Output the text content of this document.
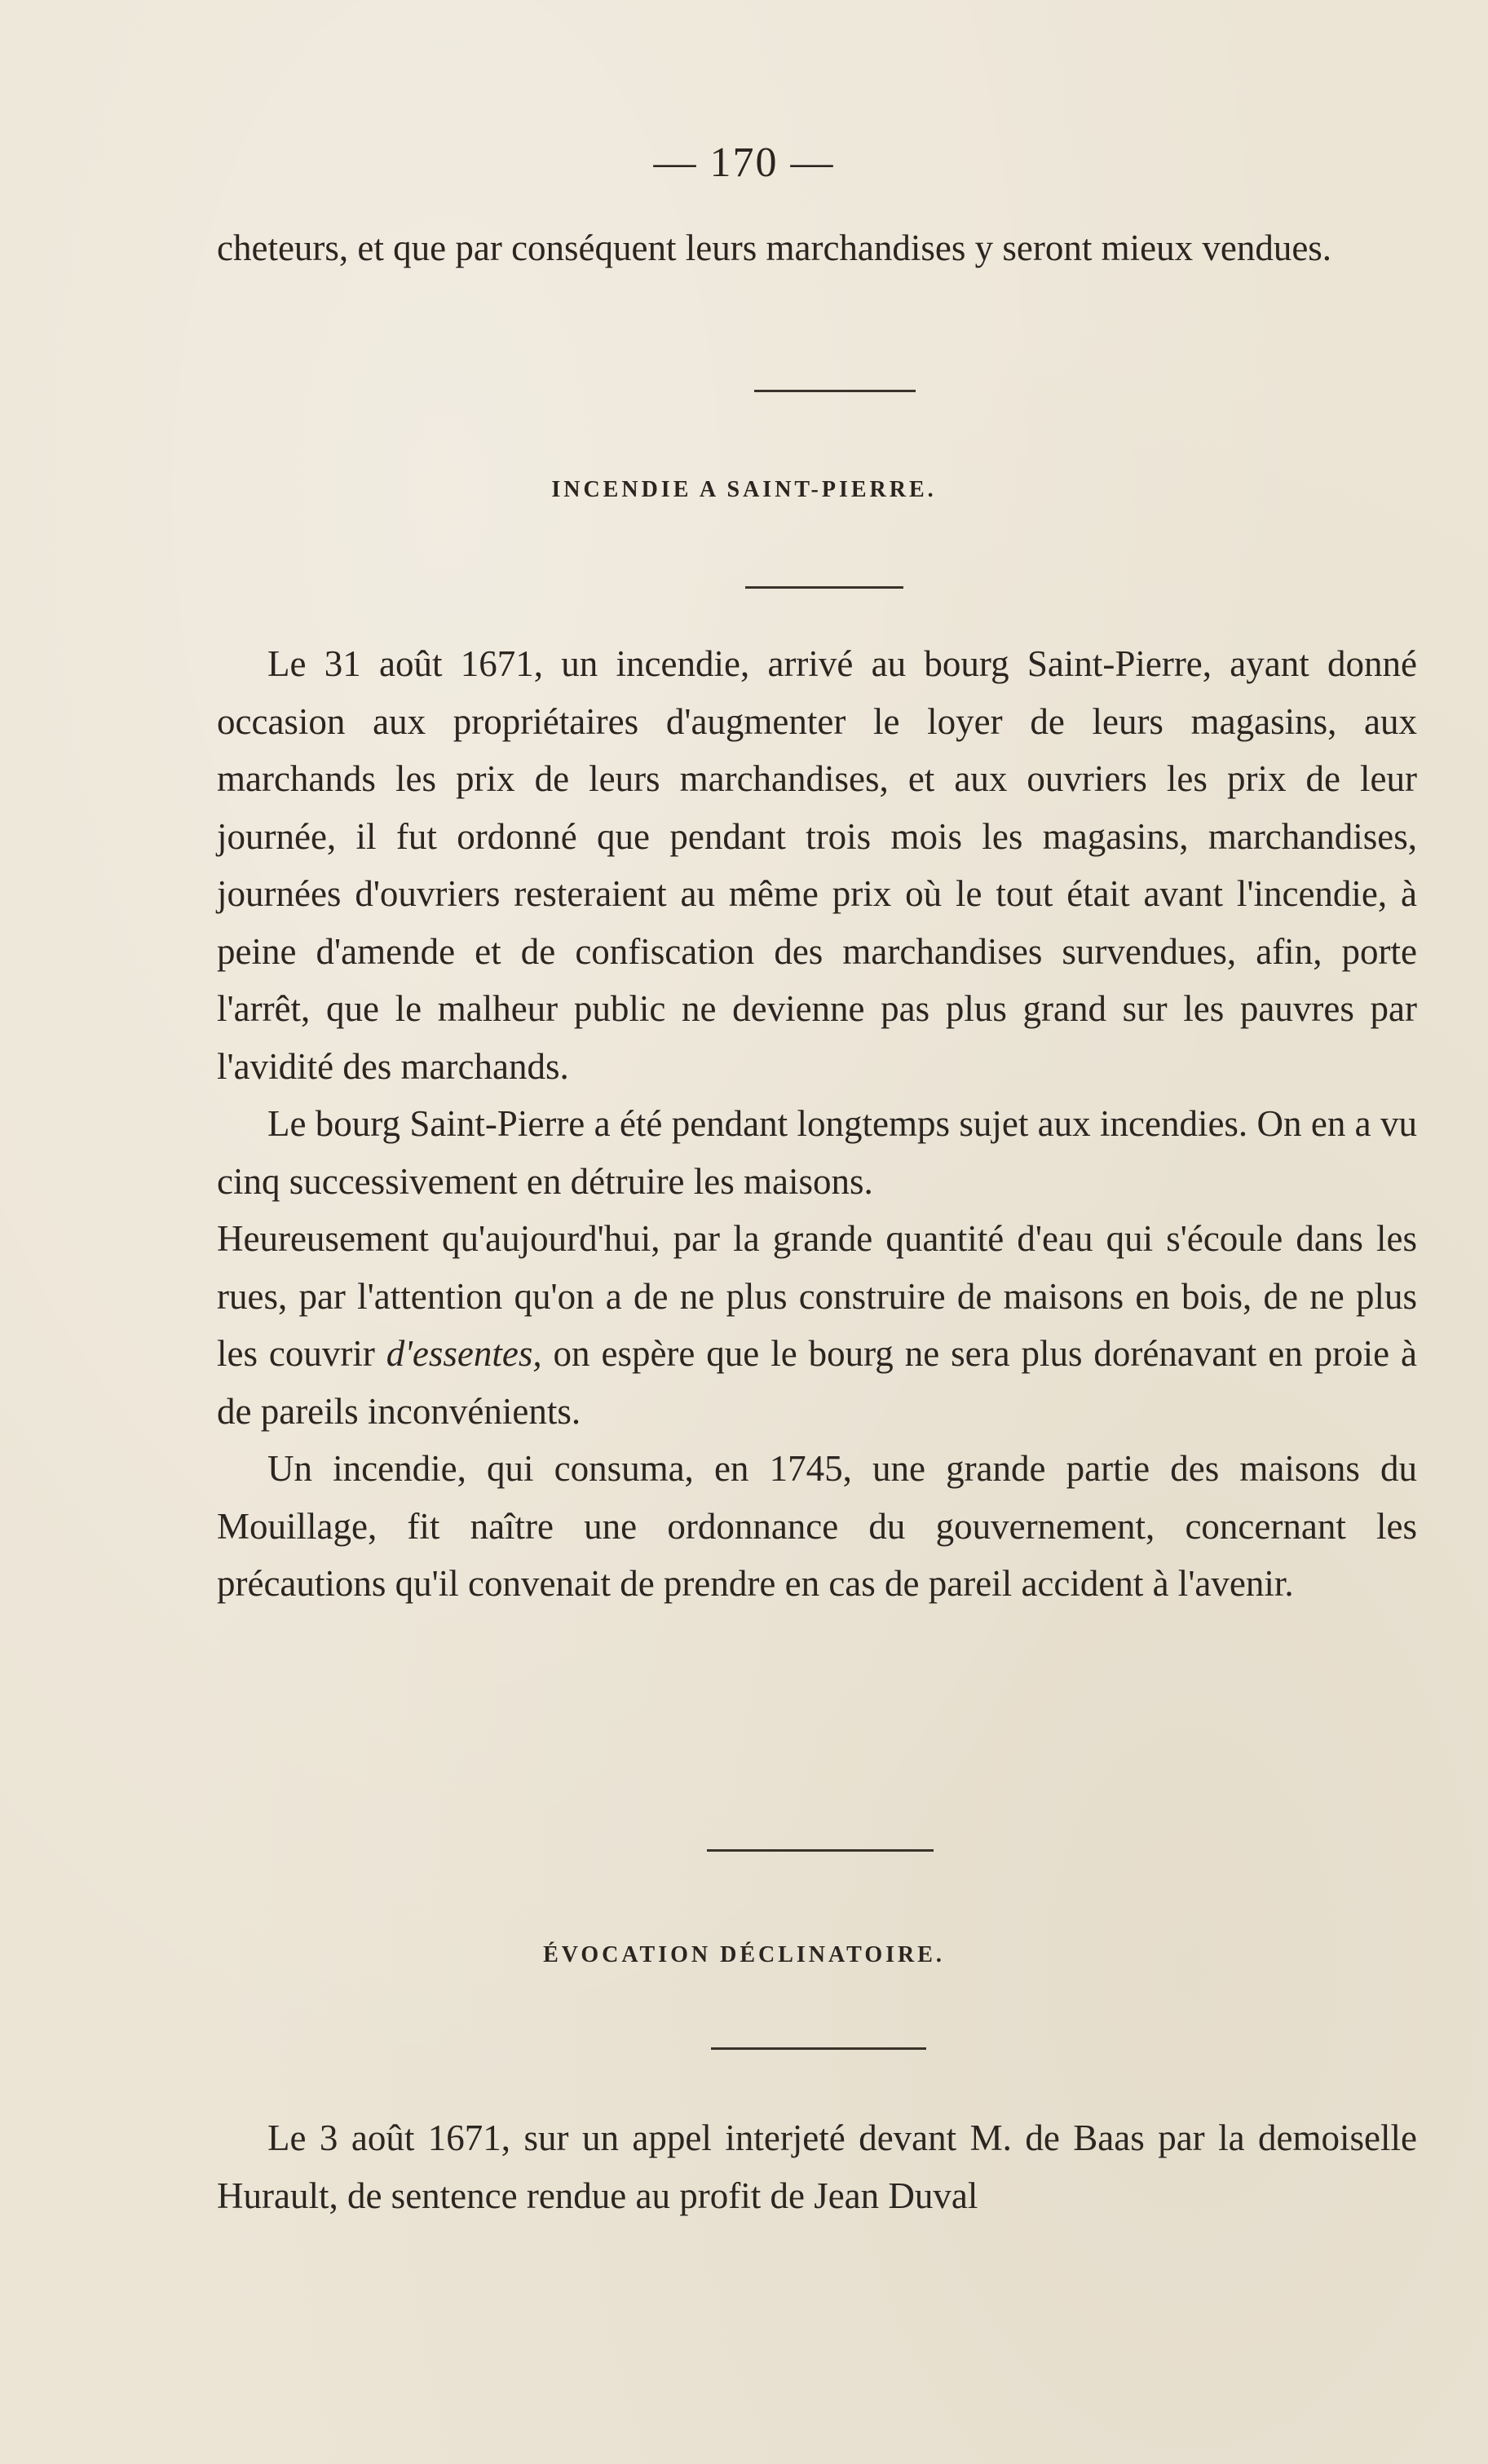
— 170 —

cheteurs, et que par conséquent leurs marchandises y seront mieux vendues.

INCENDIE A SAINT-PIERRE.

Le 31 août 1671, un incendie, arrivé au bourg Saint-Pierre, ayant donné occasion aux propriétaires d'augmenter le loyer de leurs magasins, aux marchands les prix de leurs marchandises, et aux ouvriers les prix de leur journée, il fut ordonné que pendant trois mois les magasins, marchandises, journées d'ouvriers resteraient au même prix où le tout était avant l'incendie, à peine d'amende et de confiscation des marchandises survendues, afin, porte l'arrêt, que le malheur public ne devienne pas plus grand sur les pauvres par l'avidité des marchands.

Le bourg Saint-Pierre a été pendant longtemps sujet aux incendies. On en a vu cinq successivement en détruire les maisons.

Heureusement qu'aujourd'hui, par la grande quantité d'eau qui s'écoule dans les rues, par l'attention qu'on a de ne plus construire de maisons en bois, de ne plus les couvrir d'essentes, on espère que le bourg ne sera plus dorénavant en proie à de pareils inconvénients.

Un incendie, qui consuma, en 1745, une grande partie des maisons du Mouillage, fit naître une ordonnance du gouvernement, concernant les précautions qu'il convenait de prendre en cas de pareil accident à l'avenir.

ÉVOCATION DÉCLINATOIRE.

Le 3 août 1671, sur un appel interjeté devant M. de Baas par la demoiselle Hurault, de sentence rendue au profit de Jean Duval
